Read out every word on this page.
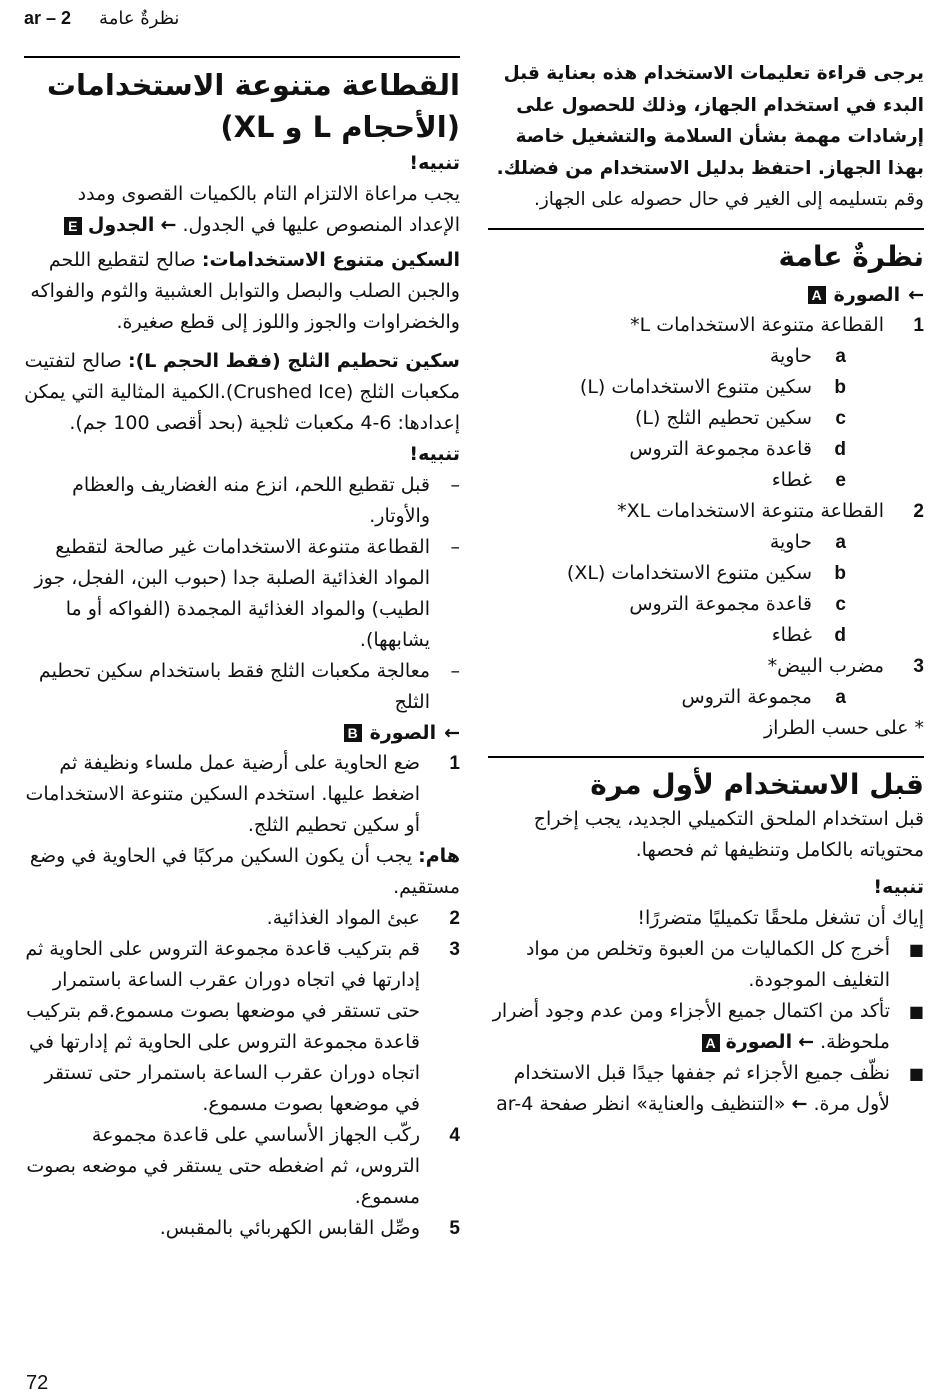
ar – 2 نظرةٌ عامة

يرجى قراءة تعليمات الاستخدام هذه بعناية قبل البدء في استخدام الجهاز، وذلك للحصول على إرشادات مهمة بشأن السلامة والتشغيل خاصة بهذا الجهاز. احتفظ بدليل الاستخدام من فضلك.

وقم بتسليمه إلى الغير في حال حصوله على الجهاز.

نظرةٌ عامة
←
الصورة
A
1
القطاعة متنوعة الاستخدامات L*
a
حاوية
b
سكين متنوع الاستخدامات (L)
c
سكين تحطيم الثلج (L)
d
قاعدة مجموعة التروس
e
غطاء
2
القطاعة متنوعة الاستخدامات XL*
a
حاوية
b
سكين متنوع الاستخدامات (XL)
c
قاعدة مجموعة التروس
d
غطاء
3
مضرب البيض*
a
مجموعة التروس

* على حسب الطراز

قبل الاستخدام لأول مرة

قبل استخدام الملحق التكميلي الجديد، يجب إخراج محتوياته بالكامل وتنظيفها ثم فحصها.

تنبيه!

إياك أن تشغل ملحقًا تكميليًا متضررًا!

■
أخرج كل الكماليات من العبوة وتخلص من مواد التغليف الموجودة.
■
تأكد من اكتمال جميع الأجزاء ومن عدم وجود أضرار ملحوظة. ← الصورة A
■
نظّف جميع الأجزاء ثم جففها جيدًا قبل الاستخدام لأول مرة. ← «التنظيف والعناية» انظر صفحة ar-4
القطاعة متنوعة الاستخدامات (الأحجام L و XL)

تنبيه!

يجب مراعاة الالتزام التام بالكميات القصوى ومدد الإعداد المنصوص عليها في الجدول. ← الجدول E

السكين متنوع الاستخدامات: صالح لتقطيع اللحم والجبن الصلب والبصل والتوابل العشبية والثوم والفواكه والخضراوات والجوز واللوز إلى قطع صغيرة.

سكين تحطيم الثلج (فقط الحجم L): صالح لتفتيت مكعبات الثلج (Crushed Ice).الكمية المثالية التي يمكن إعدادها: 6-4 مكعبات ثلجية (بحد أقصى 100 جم).

تنبيه!

–
قبل تقطيع اللحم، انزع منه الغضاريف والعظام والأوتار.
–
القطاعة متنوعة الاستخدامات غير صالحة لتقطيع المواد الغذائية الصلبة جدا (حبوب البن، الفجل، جوز الطيب) والمواد الغذائية المجمدة (الفواكه أو ما يشابهها).
–
معالجة مكعبات الثلج فقط باستخدام سكين تحطيم الثلج
←
الصورة
B
1
ضع الحاوية على أرضية عمل ملساء ونظيفة ثم اضغط عليها. استخدم السكين متنوعة الاستخدامات أو سكين تحطيم الثلج.

هام: يجب أن يكون السكين مركبًا في الحاوية في وضع مستقيم.

2
عبئ المواد الغذائية.
3
قم بتركيب قاعدة مجموعة التروس على الحاوية ثم إدارتها في اتجاه دوران عقرب الساعة باستمرار حتى تستقر في موضعها بصوت مسموع.قم بتركيب قاعدة مجموعة التروس على الحاوية ثم إدارتها في اتجاه دوران عقرب الساعة باستمرار حتى تستقر في موضعها بصوت مسموع.
4
ركّب الجهاز الأساسي على قاعدة مجموعة التروس، ثم اضغطه حتى يستقر في موضعه بصوت مسموع.
5
وصِّل القابس الكهربائي بالمقبس.
72
